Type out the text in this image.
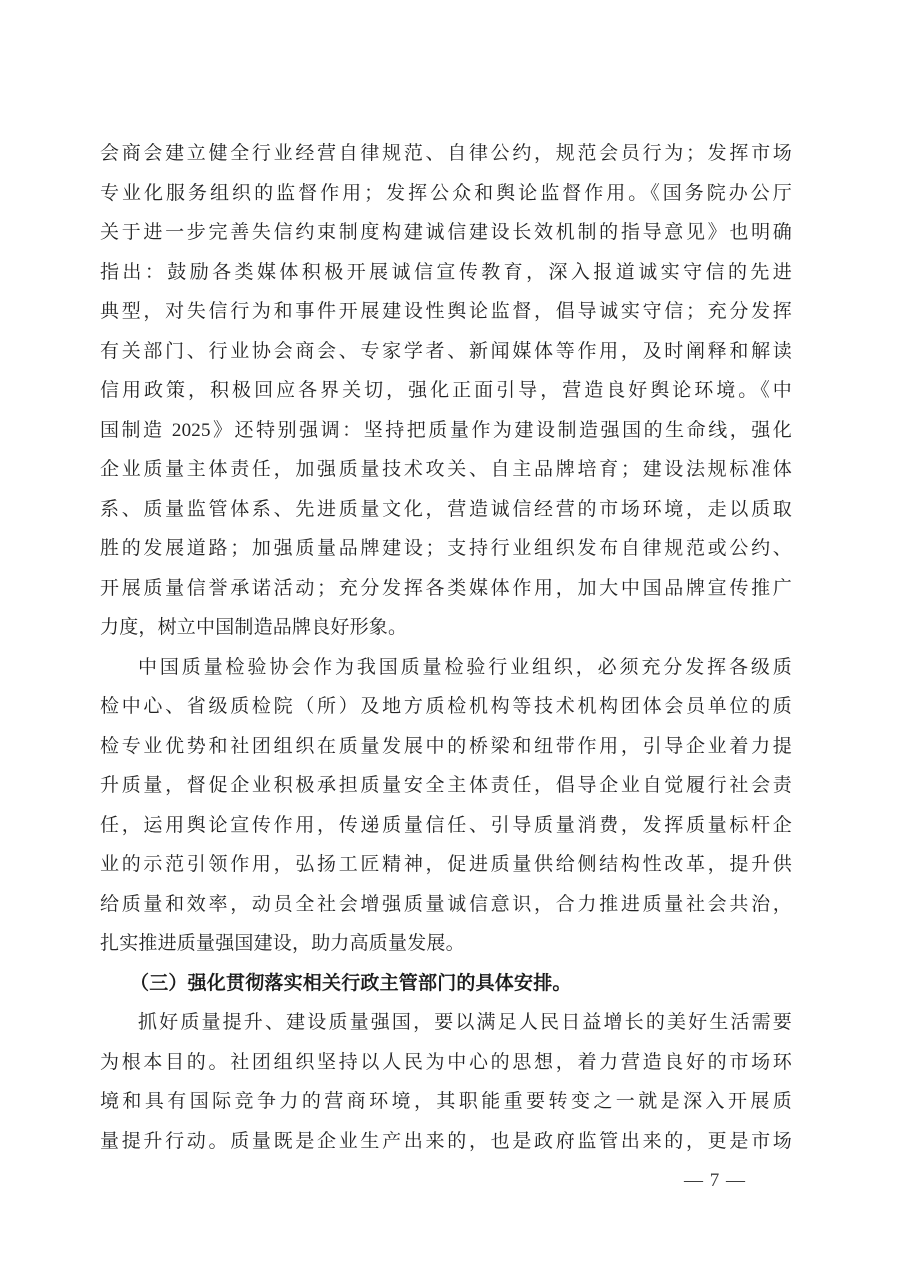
会商会建立健全行业经营自律规范、自律公约，规范会员行为；发挥市场
专业化服务组织的监督作用；发挥公众和舆论监督作用。《国务院办公厅
关于进一步完善失信约束制度构建诚信建设长效机制的指导意见》也明确
指出：鼓励各类媒体积极开展诚信宣传教育，深入报道诚实守信的先进
典型，对失信行为和事件开展建设性舆论监督，倡导诚实守信；充分发挥
有关部门、行业协会商会、专家学者、新闻媒体等作用，及时阐释和解读
信用政策，积极回应各界关切，强化正面引导，营造良好舆论环境。《中
国制造 2025》还特别强调：坚持把质量作为建设制造强国的生命线，强化
企业质量主体责任，加强质量技术攻关、自主品牌培育；建设法规标准体
系、质量监管体系、先进质量文化，营造诚信经营的市场环境，走以质取
胜的发展道路；加强质量品牌建设；支持行业组织发布自律规范或公约、
开展质量信誉承诺活动；充分发挥各类媒体作用，加大中国品牌宣传推广
力度，树立中国制造品牌良好形象。
中国质量检验协会作为我国质量检验行业组织，必须充分发挥各级质
检中心、省级质检院（所）及地方质检机构等技术机构团体会员单位的质
检专业优势和社团组织在质量发展中的桥梁和纽带作用，引导企业着力提
升质量，督促企业积极承担质量安全主体责任，倡导企业自觉履行社会责
任，运用舆论宣传作用，传递质量信任、引导质量消费，发挥质量标杆企
业的示范引领作用，弘扬工匠精神，促进质量供给侧结构性改革，提升供
给质量和效率，动员全社会增强质量诚信意识，合力推进质量社会共治，
扎实推进质量强国建设，助力高质量发展。
（三）强化贯彻落实相关行政主管部门的具体安排。
抓好质量提升、建设质量强国，要以满足人民日益增长的美好生活需要
为根本目的。社团组织坚持以人民为中心的思想，着力营造良好的市场环
境和具有国际竞争力的营商环境，其职能重要转变之一就是深入开展质
量提升行动。质量既是企业生产出来的，也是政府监管出来的，更是市场
— 7 —
